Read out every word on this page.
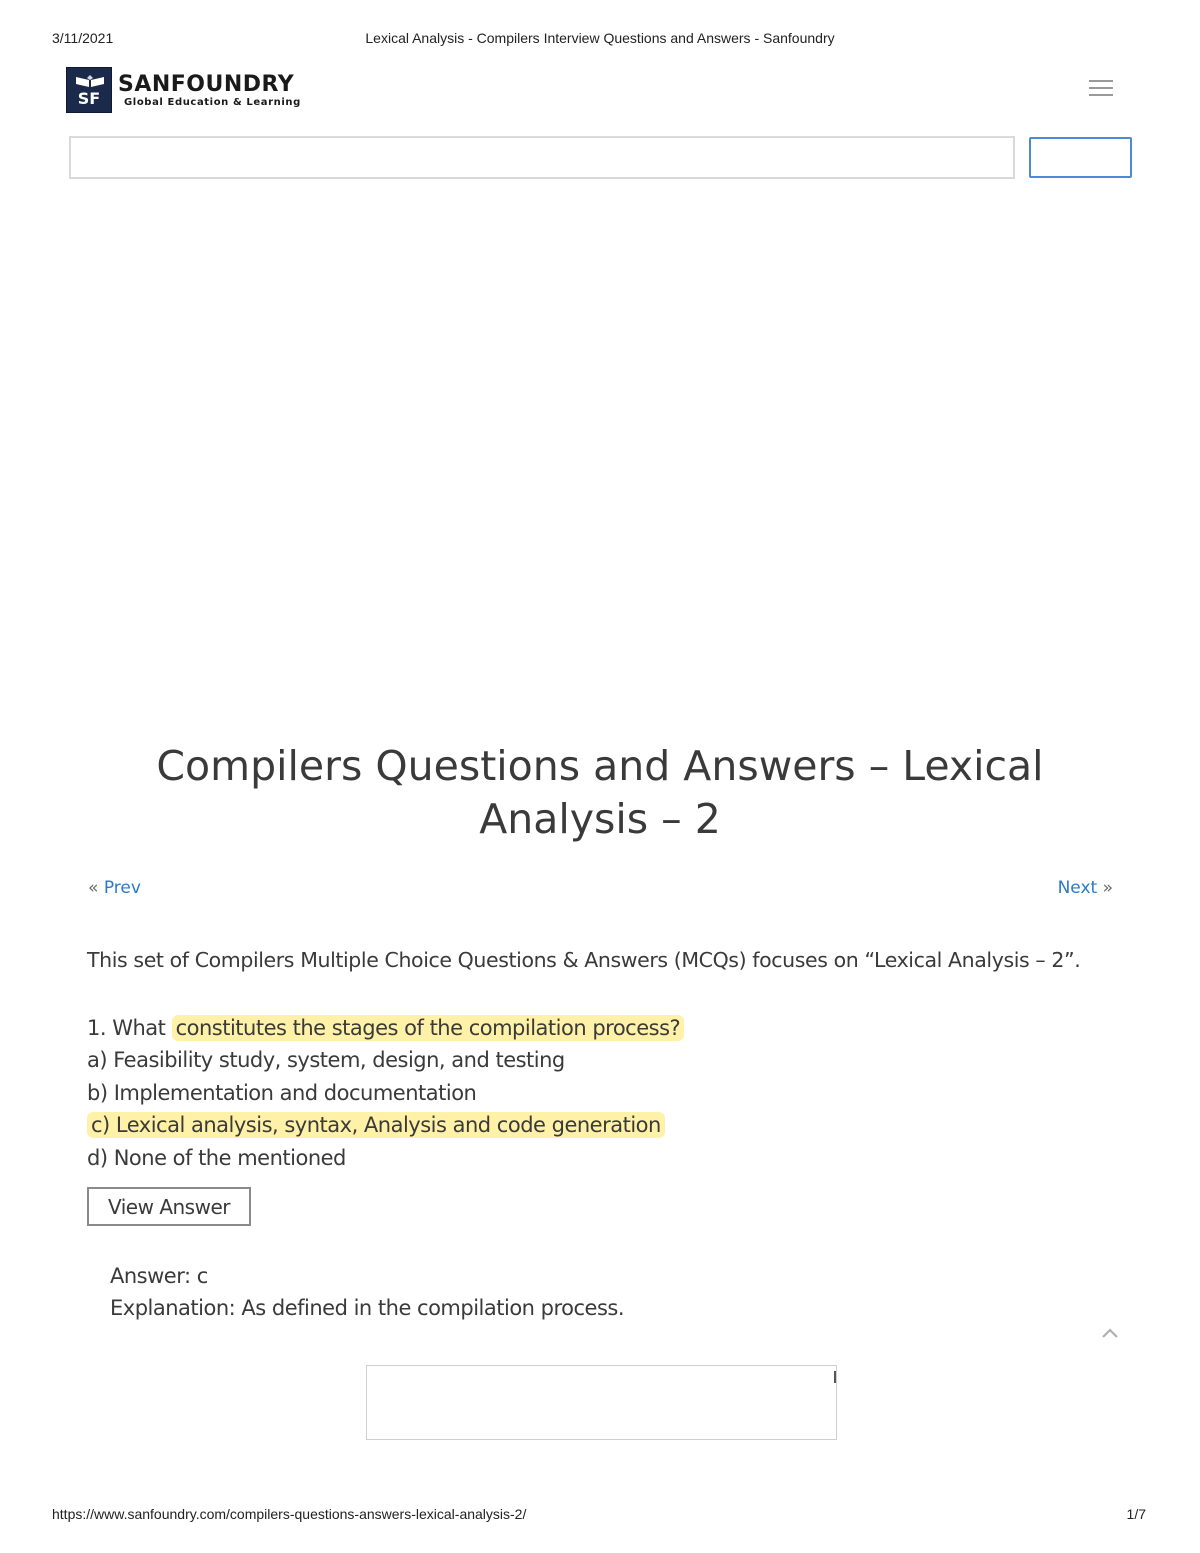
3/11/2021	Lexical Analysis - Compilers Interview Questions and Answers - Sanfoundry
SF
SANFOUNDRY
Global Education & Learning
Compilers Questions and Answers – Lexical Analysis – 2
« Prev	Next »

This set of Compilers Multiple Choice Questions & Answers (MCQs) focuses on “Lexical Analysis – 2”.

1. What constitutes the stages of the compilation process?
a) Feasibility study, system, design, and testing
b) Implementation and documentation
c) Lexical analysis, syntax, Analysis and code generation
d) None of the mentioned
View Answer
Answer: c
Explanation: As defined in the compilation process.
https://www.sanfoundry.com/compilers-questions-answers-lexical-analysis-2/	1/7
